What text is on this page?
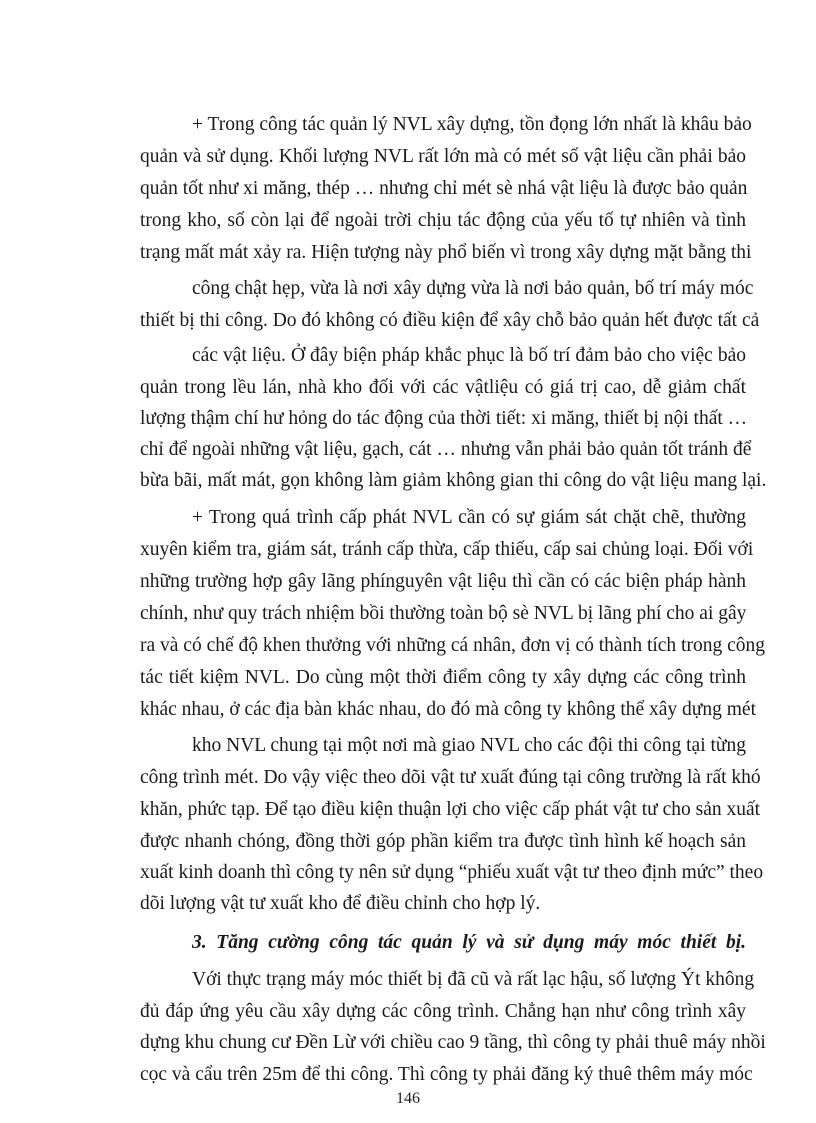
+ Trong công tác quản lý NVL xây dựng, tồn đọng lớn nhất là khâu bảo
quản và sử dụng. Khối lượng NVL rất lớn mà có mét số vật liệu cần phải bảo
quản tốt như xi măng, thép … nhưng chỉ mét sè nhá vật liệu là được bảo quản
trong kho, số còn lại để ngoài trời chịu tác động của yếu tố tự nhiên và tình
trạng mất mát xảy ra. Hiện tượng này phổ biến vì trong xây dựng mặt bằng thi
công chật hẹp, vừa là nơi xây dựng vừa là nơi bảo quản, bố trí máy móc
thiết bị thi công. Do đó không có điều kiện để xây chỗ bảo quản hết được tất cả
các vật liệu. Ở đây biện pháp khắc phục là bố trí đảm bảo cho việc bảo
quản trong lều lán, nhà kho đối với các vậtliệu có giá trị cao, dễ giảm chất
lượng thậm chí hư hỏng do tác động của thời tiết: xi măng, thiết bị nội thất …
chỉ để ngoài những vật liệu, gạch, cát … nhưng vẫn phải bảo quản tốt tránh để
bừa bãi, mất mát, gọn không làm giảm không gian thi công do vật liệu mang lại.
+ Trong quá trình cấp phát NVL cần có sự giám sát chặt chẽ, thường
xuyên kiểm tra, giám sát, tránh cấp thừa, cấp thiếu, cấp sai chủng loại. Đối với
những trường hợp gây lãng phínguyên vật liệu thì cần có các biện pháp hành
chính, như quy trách nhiệm bồi thường toàn bộ sè NVL bị lãng phí cho ai gây
ra và có chế độ khen thưởng với những cá nhân, đơn vị có thành tích trong công
tác tiết kiệm NVL. Do cùng một thời điểm công ty xây dựng các công trình
khác nhau, ở các địa bàn khác nhau, do đó mà công ty không thể xây dựng mét
kho NVL chung tại một nơi mà giao NVL cho các đội thi công tại từng
công trình mét. Do vậy việc theo dõi vật tư xuất đúng tại công trường là rất khó
khăn, phức tạp. Để tạo điều kiện thuận lợi cho việc cấp phát vật tư cho sản xuất
được nhanh chóng, đồng thời góp phần kiểm tra được tình hình kế hoạch sản
xuất kinh doanh thì công ty nên sử dụng “phiếu xuất vật tư theo định mức” theo
dõi lượng vật tư xuất kho để điều chỉnh cho hợp lý.
3. Tăng cường công tác quản lý và sử dụng máy móc thiết bị.
Với thực trạng máy móc thiết bị đã cũ và rất lạc hậu, số lượng Ýt không
đủ đáp ứng yêu cầu xây dựng các công trình. Chẳng hạn như công trình xây
dựng khu chung cư Đền Lừ với chiều cao 9 tầng, thì công ty phải thuê máy nhồi
cọc và cẩu trên 25m để thi công. Thì công ty phải đăng ký thuê thêm máy móc
146
